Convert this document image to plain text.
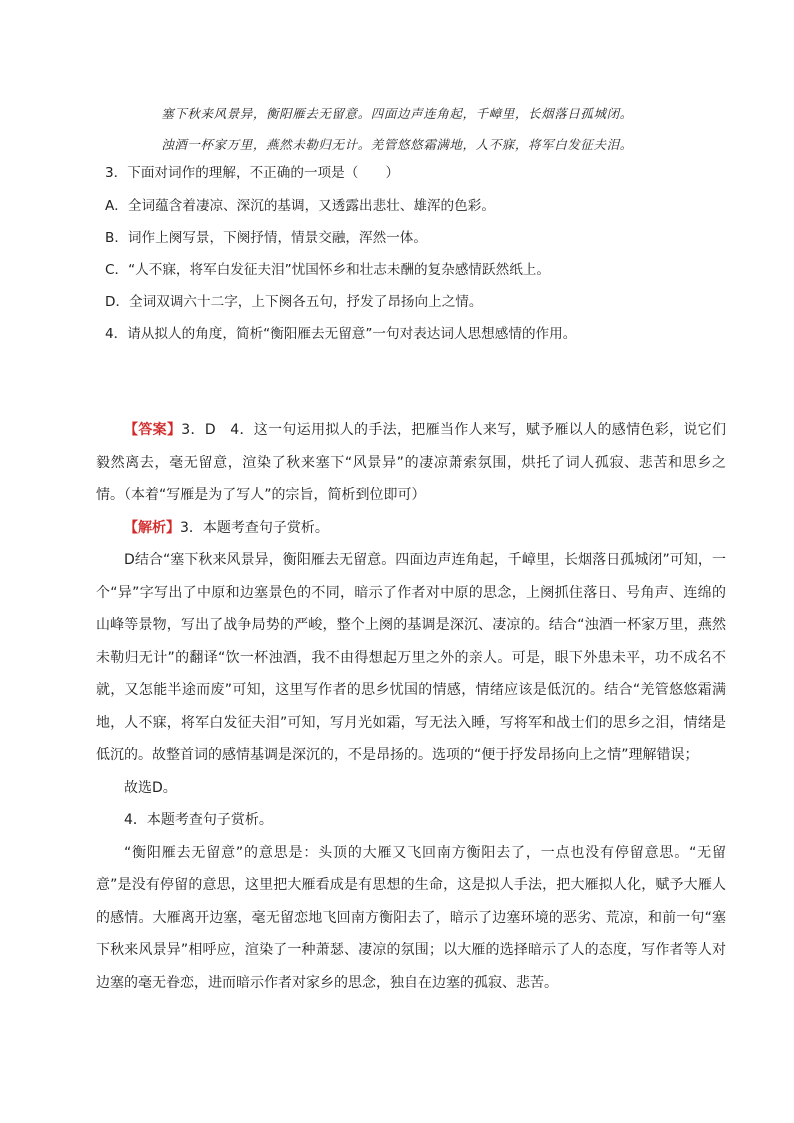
塞下秋来风景异，衡阳雁去无留意。四面边声连角起，千嶂里，长烟落日孤城闭。
浊酒一杯家万里，燕然未勒归无计。羌管悠悠霜满地，人不寐，将军白发征夫泪。
3．下面对词作的理解，不正确的一项是（　　）
A．全词蕴含着凄凉、深沉的基调，又透露出悲壮、雄浑的色彩。
B．词作上阕写景，下阕抒情，情景交融，浑然一体。
C．“人不寐，将军白发征夫泪”忧国怀乡和壮志未酬的复杂感情跃然纸上。
D．全词双调六十二字，上下阕各五句，抒发了昂扬向上之情。
4．请从拟人的角度，简析“衡阳雁去无留意”一句对表达词人思想感情的作用。

【答案】3．D　4．这一句运用拟人的手法，把雁当作人来写，赋予雁以人的感情色彩，说它们毅然离去，毫无留意，渲染了秋来塞下“风景异”的凄凉萧索氛围，烘托了词人孤寂、悲苦和思乡之情。（本着“写雁是为了写人”的宗旨，简析到位即可）

【解析】3．本题考查句子赏析。

D结合“塞下秋来风景异，衡阳雁去无留意。四面边声连角起，千嶂里，长烟落日孤城闭”可知，一个“异”字写出了中原和边塞景色的不同，暗示了作者对中原的思念，上阕抓住落日、号角声、连绵的山峰等景物，写出了战争局势的严峻，整个上阕的基调是深沉、凄凉的。结合“浊酒一杯家万里，燕然未勒归无计”的翻译“饮一杯浊酒，我不由得想起万里之外的亲人。可是，眼下外患未平，功不成名不就，又怎能半途而废”可知，这里写作者的思乡忧国的情感，情绪应该是低沉的。结合“羌管悠悠霜满地，人不寐，将军白发征夫泪”可知，写月光如霜，写无法入睡，写将军和战士们的思乡之泪，情绪是低沉的。故整首词的感情基调是深沉的，不是昂扬的。选项的“便于抒发昂扬向上之情”理解错误；

故选D。

4．本题考查句子赏析。

“衡阳雁去无留意”的意思是：头顶的大雁又飞回南方衡阳去了，一点也没有停留意思。“无留意”是没有停留的意思，这里把大雁看成是有思想的生命，这是拟人手法，把大雁拟人化，赋予大雁人的感情。大雁离开边塞，毫无留恋地飞回南方衡阳去了，暗示了边塞环境的恶劣、荒凉，和前一句“塞下秋来风景异”相呼应，渲染了一种萧瑟、凄凉的氛围；以大雁的选择暗示了人的态度，写作者等人对边塞的毫无眷恋，进而暗示作者对家乡的思念，独自在边塞的孤寂、悲苦。
